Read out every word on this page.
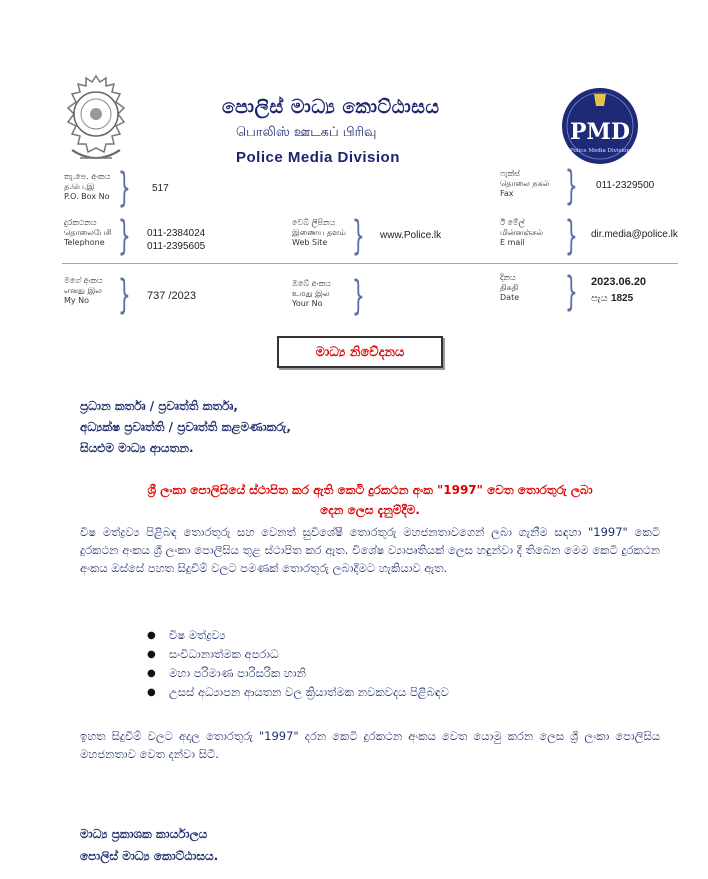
පොලිස් මාධ්‍ය කොට්ඨාසය
பொலிஸ் ஊடகப் பிரிவு
Police Media Division
PMD
Police Media Division
තැ.පෙ. අංකය
த.பெ.இ
P.O. Box No } 517
ෆැක්ස්
தொலை நகல்
Fax	} 011-2329500
දුරකථනය
தொலைபேசி
Telephone } 011-2384024
011-2395605
වෙබ් ලිපිනය
இணைய தளம்
Web Site } www.Police.lk
ඊ මේල්
மின்னஞ்சல்
E mail	} dir.media@police.lk
මගේ අංකය
எனது இல
My No } 737 /2023
ඔබේ අංකය
உமது இல
Your No }	දිනය
திகதி
Date } 2023.06.20
පැය 1825
මාධ්‍ය නිවේදනය
ප්‍රධාන කර්තෘ / ප්‍රවෘත්ති කර්තෘ,
අධ්‍යක්ෂ ප්‍රවෘත්ති / ප්‍රවෘත්ති කළමණාකරු,
සියළුම මාධ්‍ය ආයතන.
ශ්‍රී ලංකා පොලිසියේ ස්ථාපිත කර ඇති කෙටි දුරකථන අංක "1997" වෙත තොරතුරු ලබා
දෙන ලෙස දැනුම්දීම.
විෂ මත්ද්‍රව්‍ය පිළිබඳ තොරතුරු සහ වෙනත් සුවිශේෂී තොරතුරු මහජනතාවගෙන් ලබා ගැනීම සඳහා "1997" කෙටි දුරකථන අංකය ශ්‍රී ලංකා පොලිසිය තුළ ස්ථාපිත කර ඇත. විශේෂ ව්‍යාපෘතියක් ලෙස හඳුන්වා දී තිබෙන මෙම කෙටි දුරකථන අංකය ඔස්සේ පහත සිදුවීම් වලට පමණක් තොරතුරු ලබාදීමට හැකියාව ඇත.
● විෂ මත්ද්‍රව්‍ය
● සංවිධානාත්මක අපරාධ
● මහා පරිමාණ පාරිසරික හානි
● උසස් අධ්‍යාපන ආයතන වල ක්‍රියාත්මක නවකවදය පිළිබඳව
ඉහත සිදුවීම් වලට අදාල තොරතුරු "1997" දරන කෙටි දුරකථන අංකය වෙත යොමු කරන ලෙස ශ්‍රී ලංකා පොලිසිය මහජනතාව වෙත දන්වා සිටී.
මාධ්‍ය ප්‍රකාශක කාර්යාලය
පොලිස් මාධ්‍ය කොට්ඨාසය.
